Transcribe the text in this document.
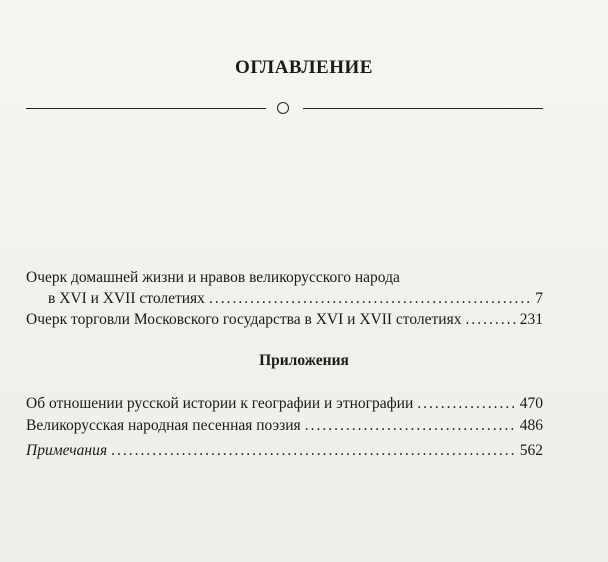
ОГЛАВЛЕНИЕ
Очерк домашней жизни и нравов великорусского народа
в XVI и XVII столетиях .....	7
Очерк торговли Московского государства в XVI и XVII столетиях .....	231
Об отношении русской истории к географии и этнографии .....	470
Великорусская народная песенная поэзия .....	486
Примечания .....	562
Приложения
